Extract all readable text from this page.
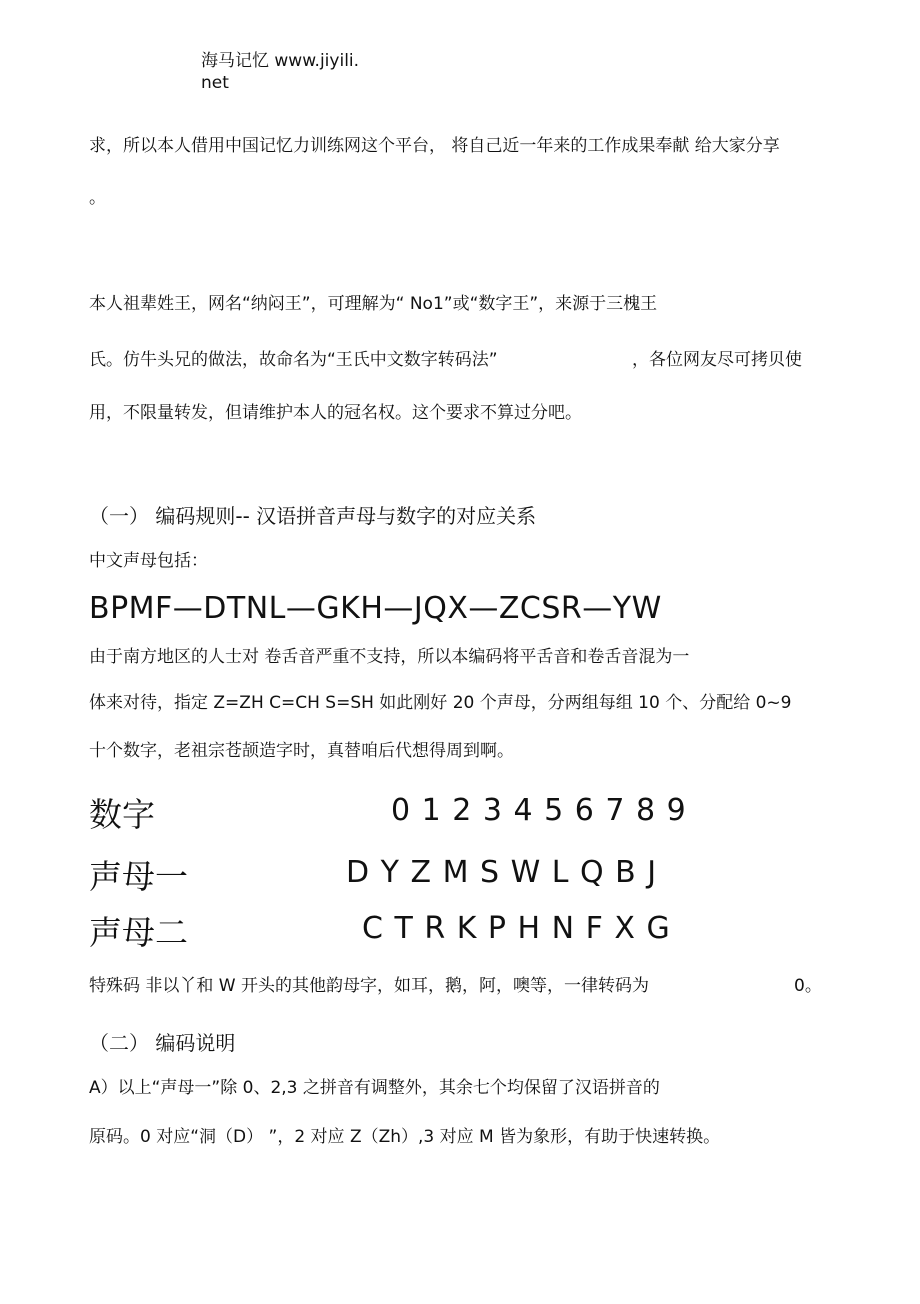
海马记忆 www.jiyili.
net
求，所以本人借用中国记忆力训练网这个平台， 将自己近一年来的工作成果奉献 给大家分享
。
本人祖辈姓王，网名“纳闷王”，可理解为“ No1”或“数字王”，来源于三槐王
氏。仿牛头兄的做法，故命名为“王氏中文数字转码法”	，各位网友尽可拷贝使
用，不限量转发，但请维护本人的冠名权。这个要求不算过分吧。
（一） 编码规则-- 汉语拼音声母与数字的对应关系
中文声母包括：
BPMF—DTNL—GKH—JQX—ZCSR—YW
由于南方地区的人士对 卷舌音严重不支持，所以本编码将平舌音和卷舌音混为一
体来对待，指定 Z=ZH C=CH S=SH 如此刚好 20 个声母，分两组每组 10 个、分配给 0~9
十个数字，老祖宗苍颉造字时，真替咱后代想得周到啊。
数字	0 1 2 3 4 5 6 7 8 9
声母一	D Y Z M S W L Q B J
声母二	C T R K P H N F X G
特殊码 非以丫和 W 开头的其他韵母字，如耳，鹅，阿，噢等，一律转码为	0。
（二） 编码说明
A）以上“声母一”除 0、2,3 之拼音有调整外，其余七个均保留了汉语拼音的
原码。0 对应“洞（D） ”，2 对应 Z（Zh）,3 对应 M 皆为象形，有助于快速转换。
